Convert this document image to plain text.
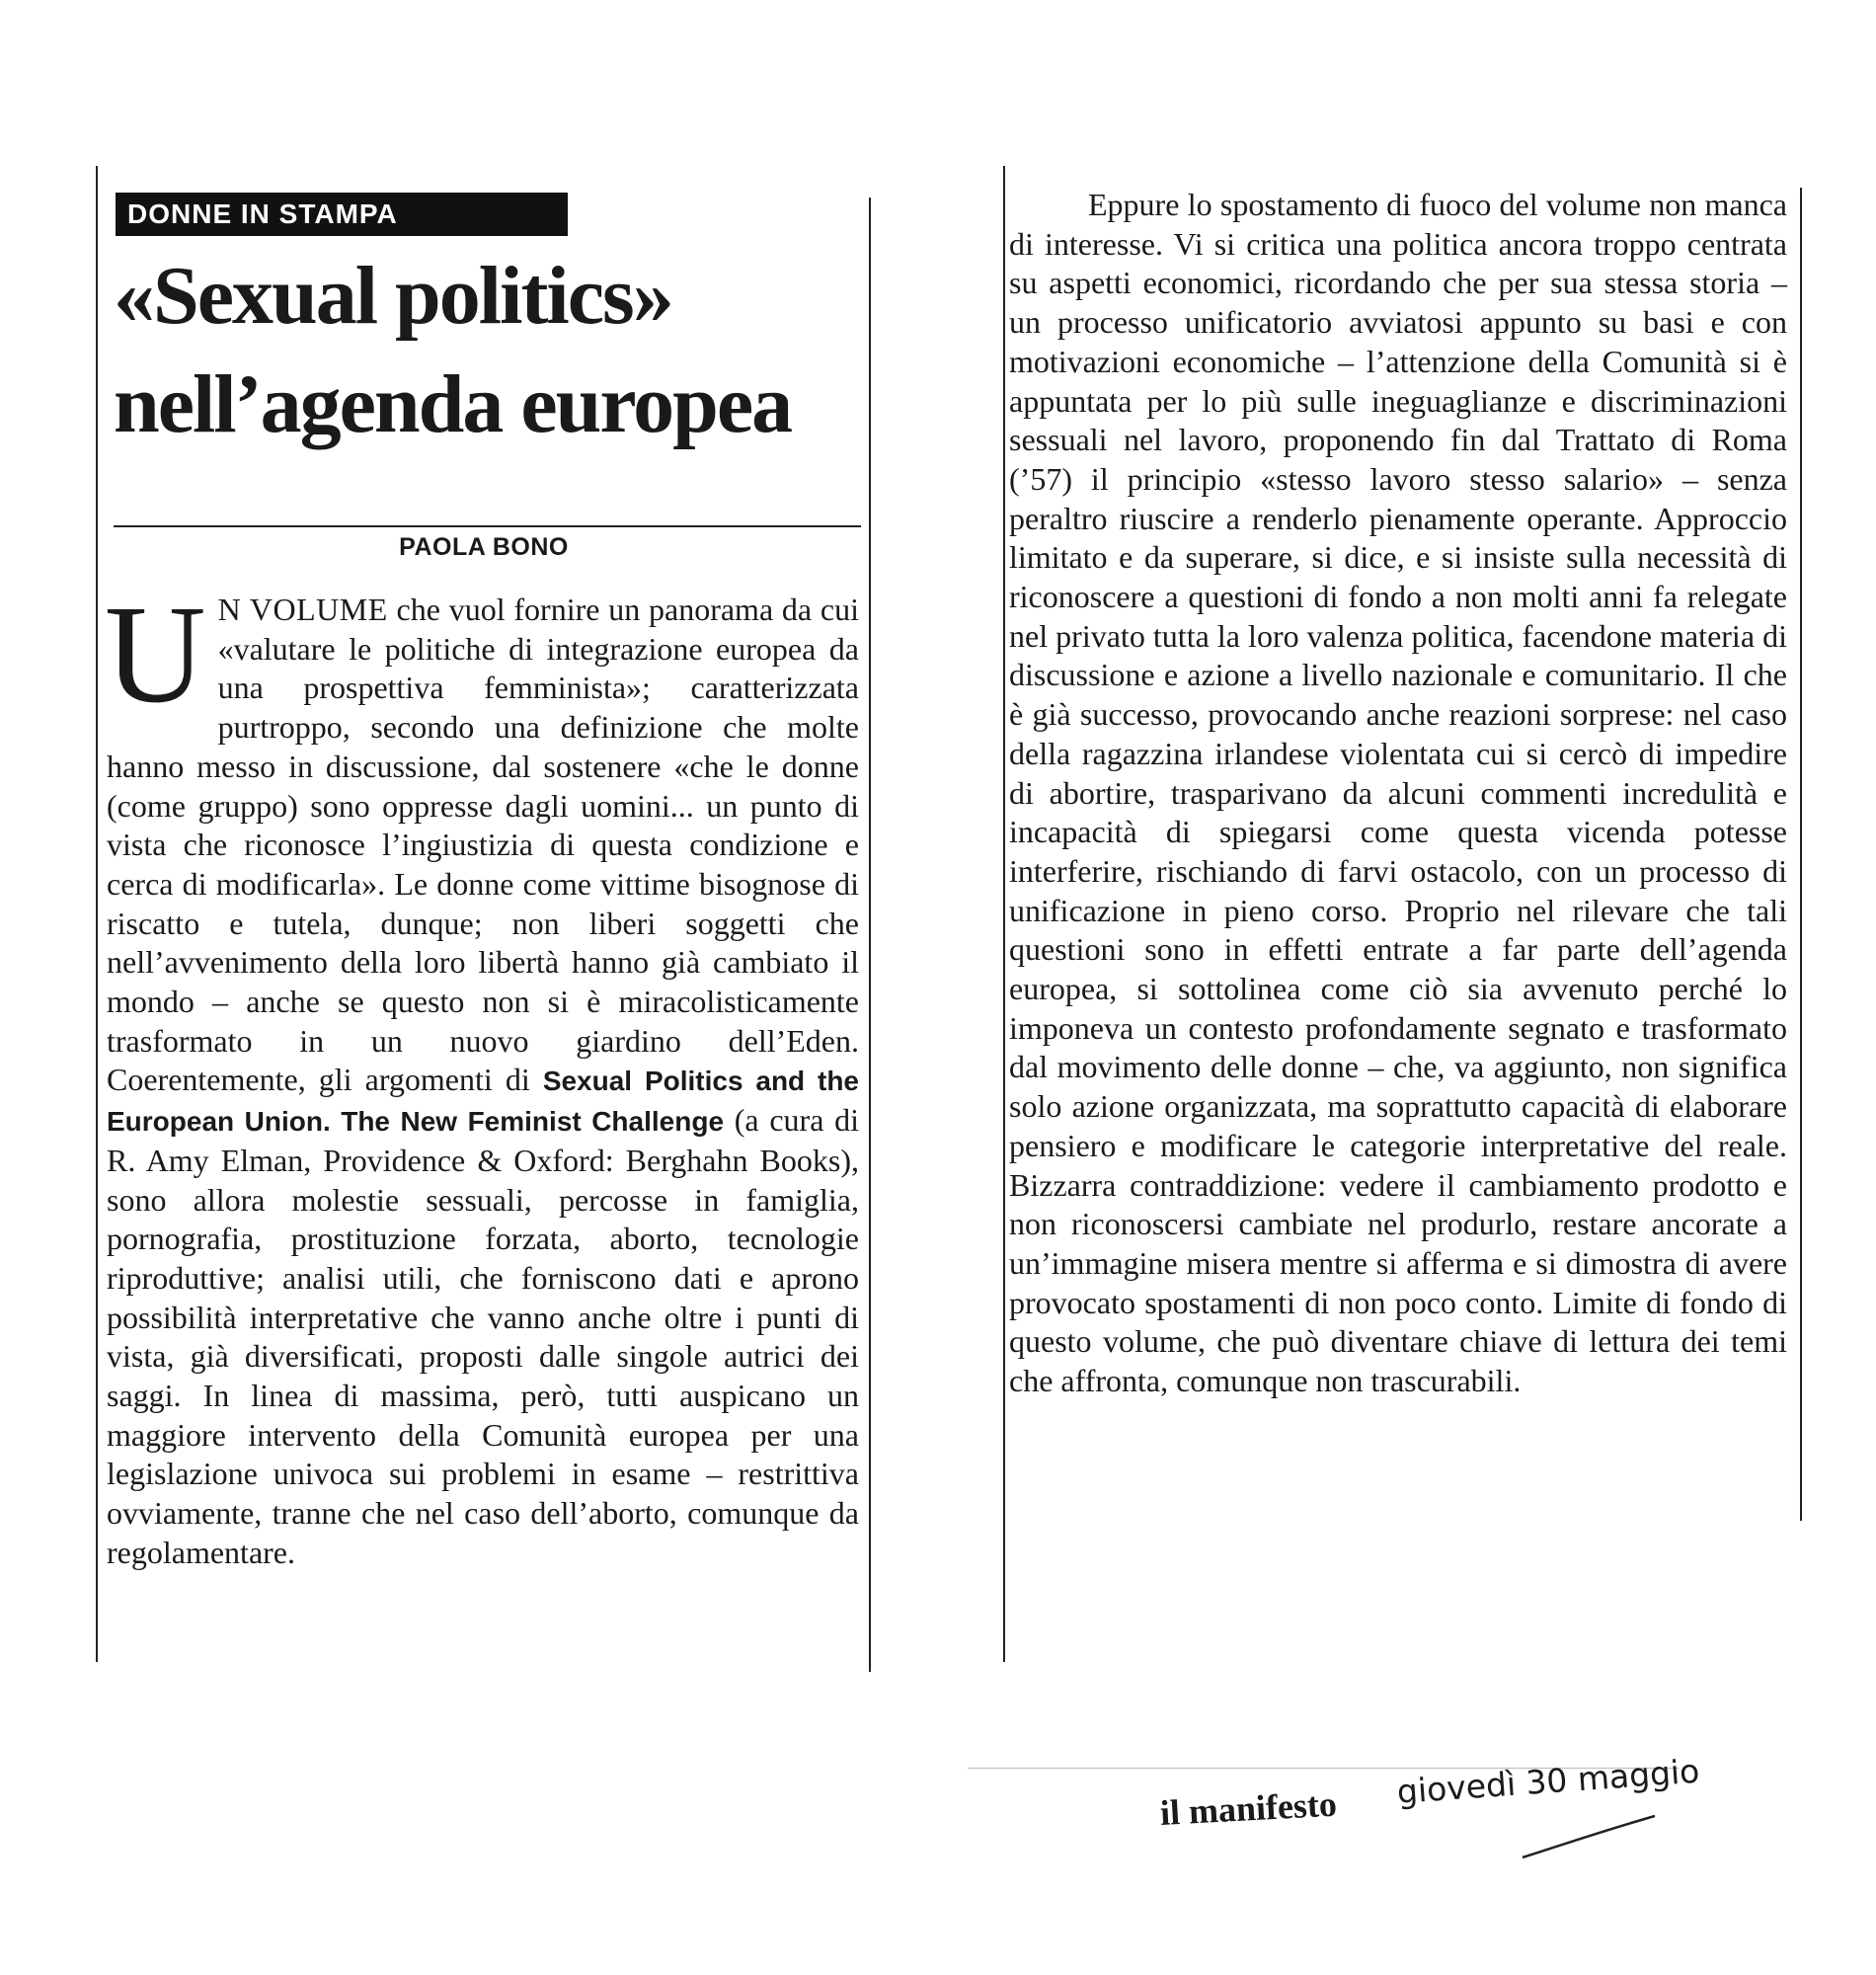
DONNE IN STAMPA
«Sexual politics»
nell’agenda europea
PAOLA BONO

U N VOLUME che vuol fornire un panorama da cui «valutare le politiche di integrazione europea da una prospettiva femminista»; caratterizzata purtroppo, secondo una definizione che molte hanno messo in discussione, dal sostenere «che le donne (come gruppo) sono oppresse dagli uomini... un punto di vista che riconosce l’ingiustizia di questa condizione e cerca di modificarla». Le donne come vittime bisognose di riscatto e tutela, dunque; non liberi soggetti che nell’avvenimento della loro libertà hanno già cambiato il mondo – anche se questo non si è miracolisticamente trasformato in un nuovo giardino dell’Eden. Coerentemente, gli argomenti di Sexual Politics and the European Union. The New Feminist Challenge (a cura di R. Amy Elman, Providence & Oxford: Berghahn Books), sono allora molestie sessuali, percosse in famiglia, pornografia, prostituzione forzata, aborto, tecnologie riproduttive; analisi utili, che forniscono dati e aprono possibilità interpretative che vanno anche oltre i punti di vista, già diversificati, proposti dalle singole autrici dei saggi. In linea di massima, però, tutti auspicano un maggiore intervento della Comunità europea per una legislazione univoca sui problemi in esame – restrittiva ovviamente, tranne che nel caso dell’aborto, comunque da regolamentare.

Eppure lo spostamento di fuoco del volume non manca di interesse. Vi si critica una politica ancora troppo centrata su aspetti economici, ricordando che per sua stessa storia – un processo unificatorio avviatosi appunto su basi e con motivazioni economiche – l’attenzione della Comunità si è appuntata per lo più sulle ineguaglianze e discriminazioni sessuali nel lavoro, proponendo fin dal Trattato di Roma (’57) il principio «stesso lavoro stesso salario» – senza peraltro riuscire a renderlo pienamente operante. Approccio limitato e da superare, si dice, e si insiste sulla necessità di riconoscere a questioni di fondo a non molti anni fa relegate nel privato tutta la loro valenza politica, facendone materia di discussione e azione a livello nazionale e comunitario. Il che è già successo, provocando anche reazioni sorprese: nel caso della ragazzina irlandese violentata cui si cercò di impedire di abortire, trasparivano da alcuni commenti incredulità e incapacità di spiegarsi come questa vicenda potesse interferire, rischiando di farvi ostacolo, con un processo di unificazione in pieno corso. Proprio nel rilevare che tali questioni sono in effetti entrate a far parte dell’agenda europea, si sottolinea come ciò sia avvenuto perché lo imponeva un contesto profondamente segnato e trasformato dal movimento delle donne – che, va aggiunto, non significa solo azione organizzata, ma soprattutto capacità di elaborare pensiero e modificare le categorie interpretative del reale. Bizzarra contraddizione: vedere il cambiamento prodotto e non riconoscersi cambiate nel produrlo, restare ancorate a un’immagine misera mentre si afferma e si dimostra di avere provocato spostamenti di non poco conto. Limite di fondo di questo volume, che può diventare chiave di lettura dei temi che affronta, comunque non trascurabili.

il manifesto giovedì 30 maggio
